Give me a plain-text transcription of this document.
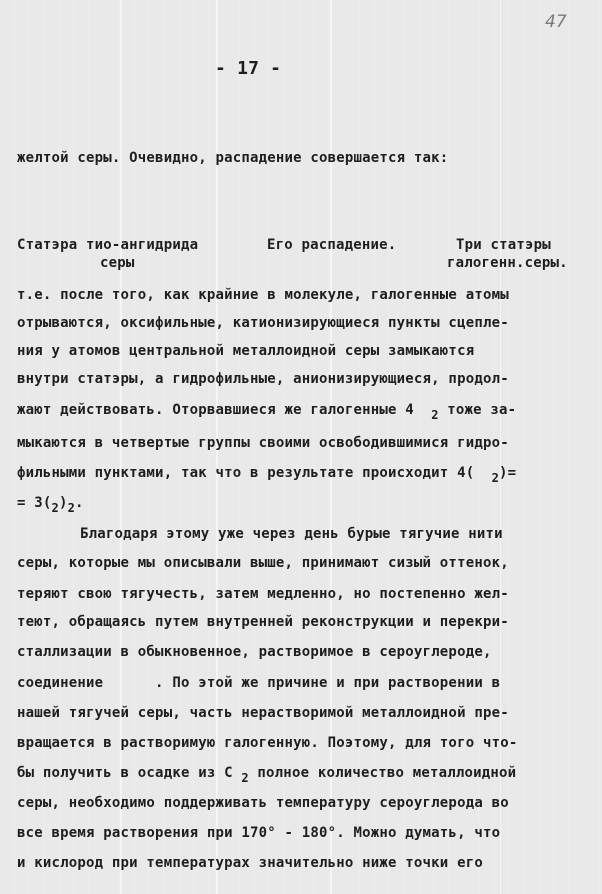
47
- 17 -
желтой серы. Очевидно, распадение совершается так:
Статэра тио-ангидрида
серы
Его распадение.	Три статэры
галогенн.серы.
т.е. после того, как крайние в молекуле, галогенные атомы
отрываются, оксифильные, катионизирующиеся пункты сцепле-
ния у атомов центральной металлоидной серы замыкаются
внутри статэры, а гидрофильные, анионизирующиеся, продол-
жают действовать. Оторвавшиеся же галогенные 4 2 тоже за-
мыкаются в четвертые группы своими освободившимися гидро-
фильными пунктами, так что в результате происходит 4( 2)=
= 3(2)2.
Благодаря этому уже через день бурые тягучие нити
серы, которые мы описывали выше, принимают сизый оттенок,
теряют свою тягучесть, затем медленно, но постепенно жел-
теют, обращаясь путем внутренней реконструкции и перекри-
сталлизации в обыкновенное, растворимое в сероуглероде,
соединение      . По этой же причине и при растворении в
нашей тягучей серы, часть нерастворимой металлоидной пре-
вращается в растворимую галогенную. Поэтому, для того что-
бы получить в осадке из С 2 полное количество металлоидной
серы, необходимо поддерживать температуру сероуглерода во
все время растворения при 170° - 180°. Можно думать, что
и кислород при температурах значительно ниже точки его
